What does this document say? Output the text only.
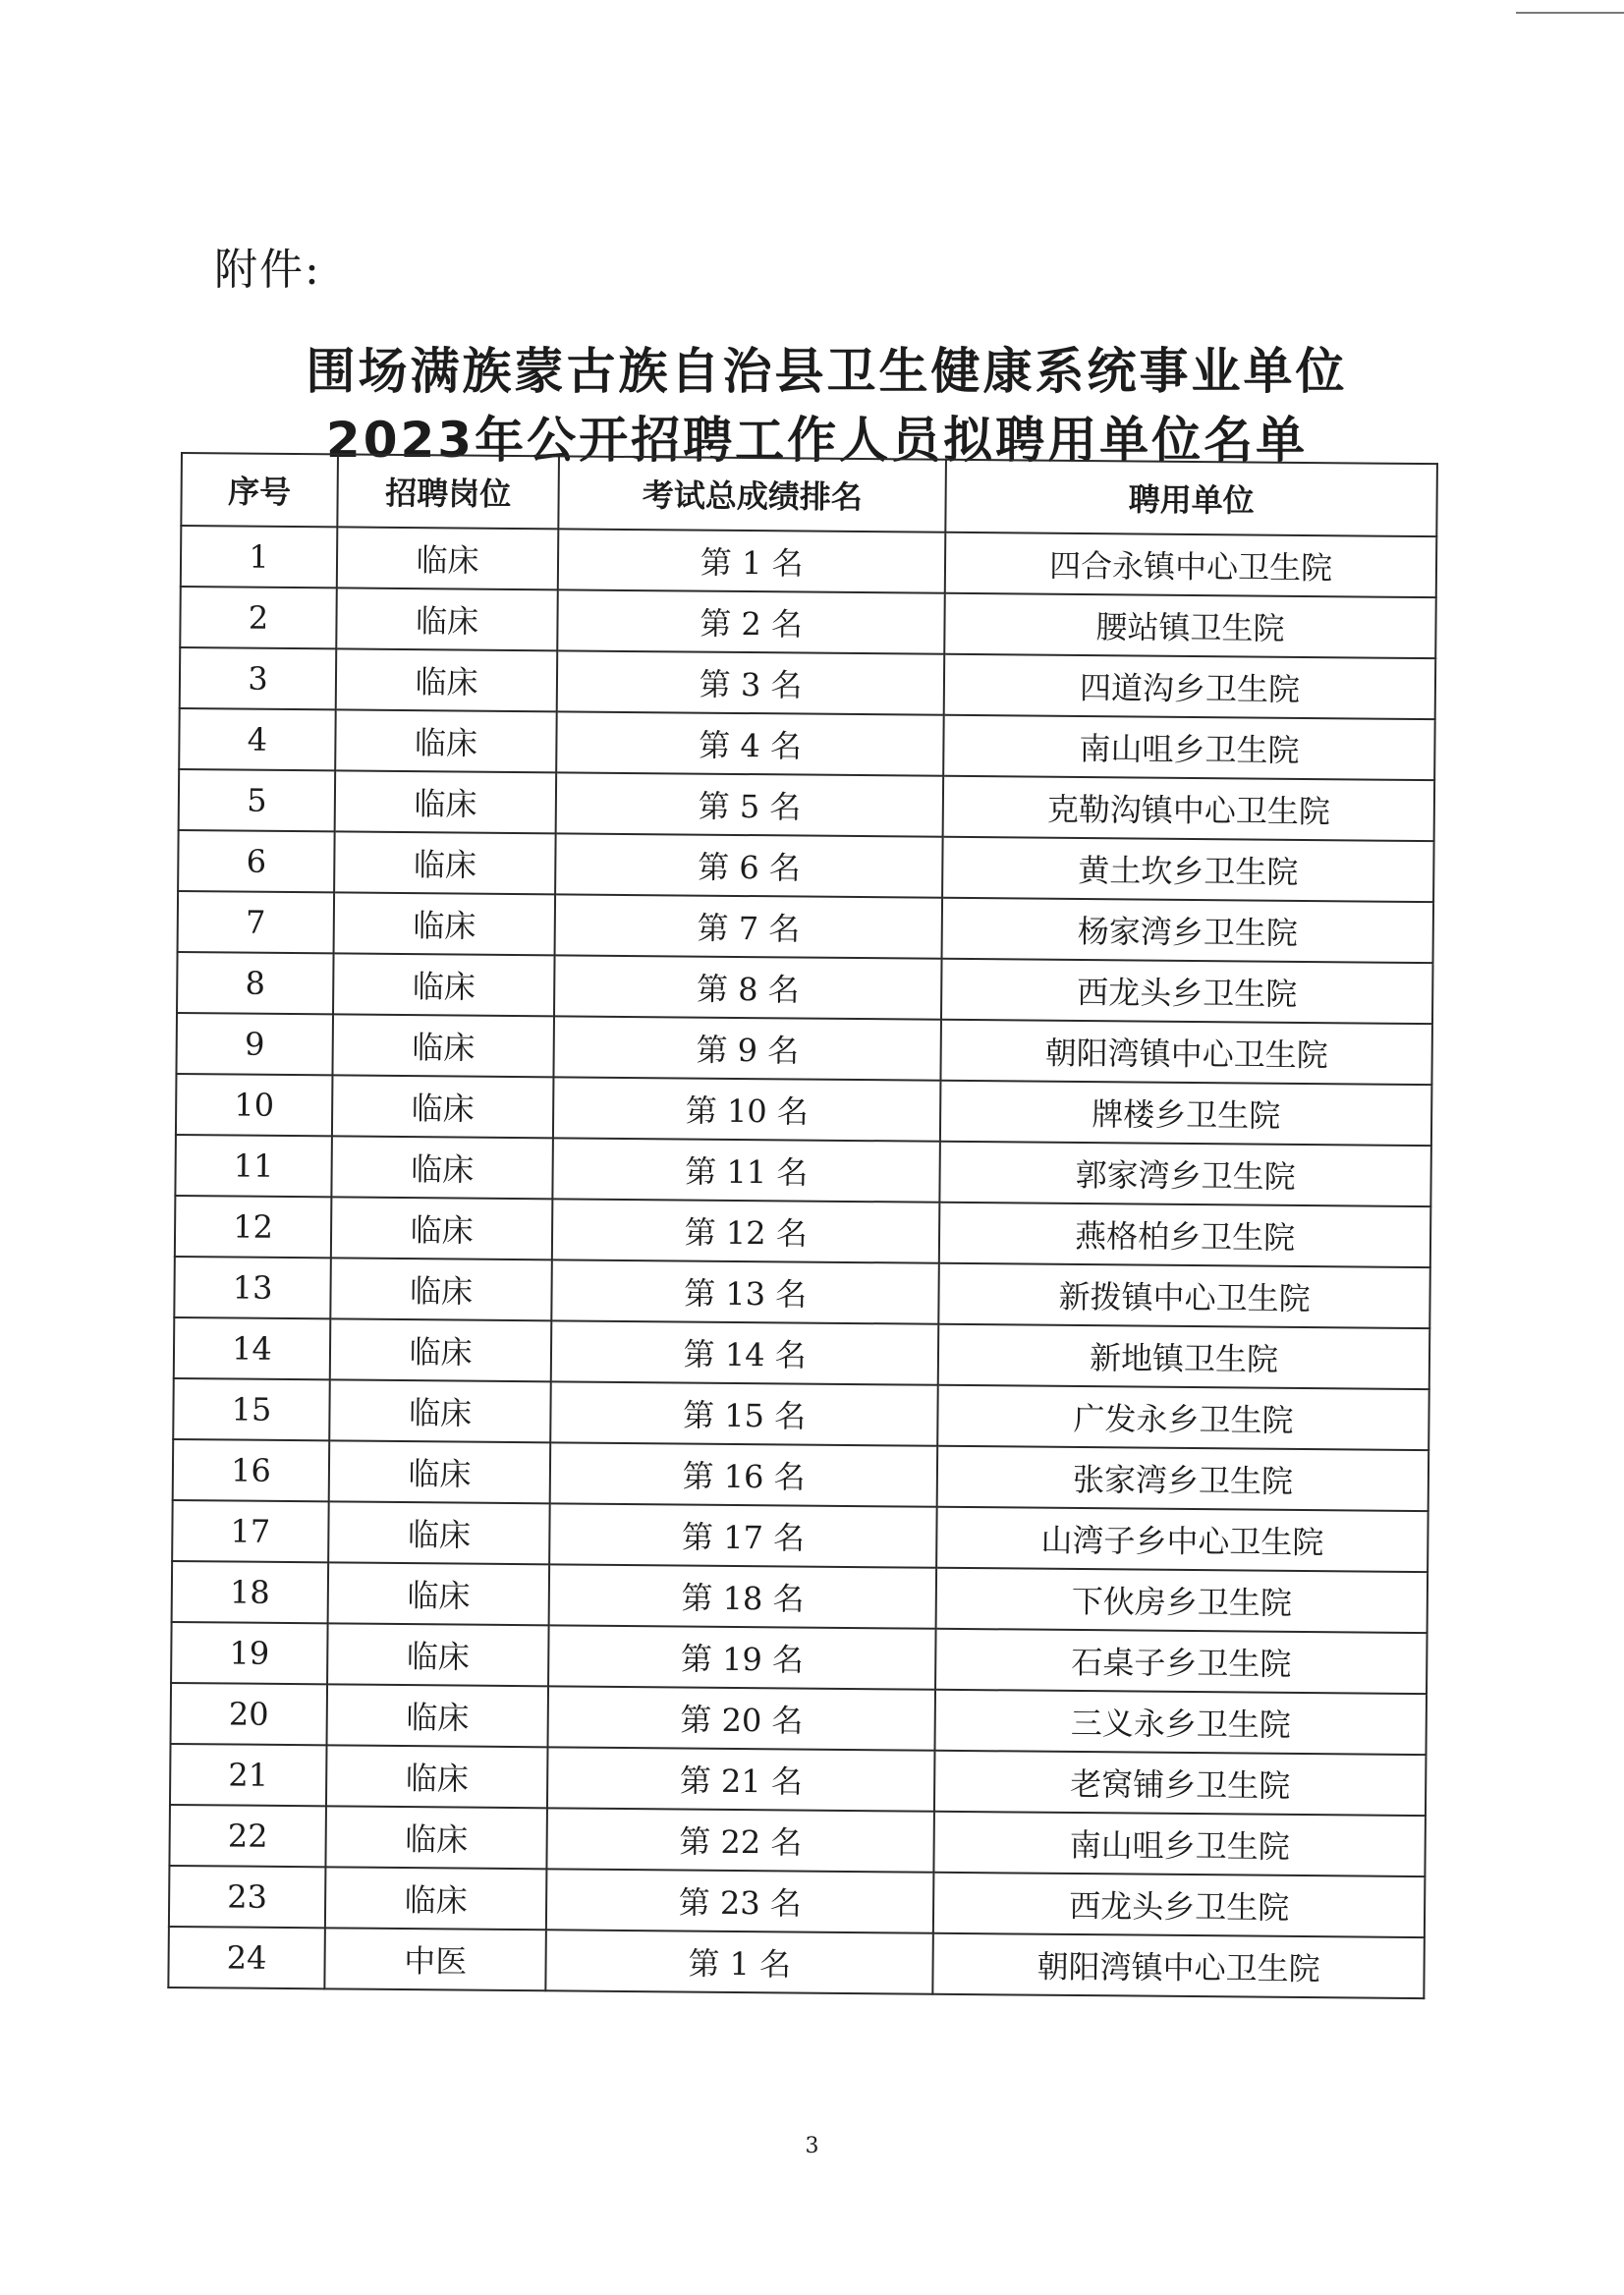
附件:
围场满族蒙古族自治县卫生健康系统事业单位
2023年公开招聘工作人员拟聘用单位名单
序号	招聘岗位	考试总成绩排名	聘用单位
1	临床	第 1 名	四合永镇中心卫生院
2	临床	第 2 名	腰站镇卫生院
3	临床	第 3 名	四道沟乡卫生院
4	临床	第 4 名	南山咀乡卫生院
5	临床	第 5 名	克勒沟镇中心卫生院
6	临床	第 6 名	黄土坎乡卫生院
7	临床	第 7 名	杨家湾乡卫生院
8	临床	第 8 名	西龙头乡卫生院
9	临床	第 9 名	朝阳湾镇中心卫生院
10	临床	第 10 名	牌楼乡卫生院
11	临床	第 11 名	郭家湾乡卫生院
12	临床	第 12 名	燕格柏乡卫生院
13	临床	第 13 名	新拨镇中心卫生院
14	临床	第 14 名	新地镇卫生院
15	临床	第 15 名	广发永乡卫生院
16	临床	第 16 名	张家湾乡卫生院
17	临床	第 17 名	山湾子乡中心卫生院
18	临床	第 18 名	下伙房乡卫生院
19	临床	第 19 名	石桌子乡卫生院
20	临床	第 20 名	三义永乡卫生院
21	临床	第 21 名	老窝铺乡卫生院
22	临床	第 22 名	南山咀乡卫生院
23	临床	第 23 名	西龙头乡卫生院
24	中医	第 1 名	朝阳湾镇中心卫生院
3
